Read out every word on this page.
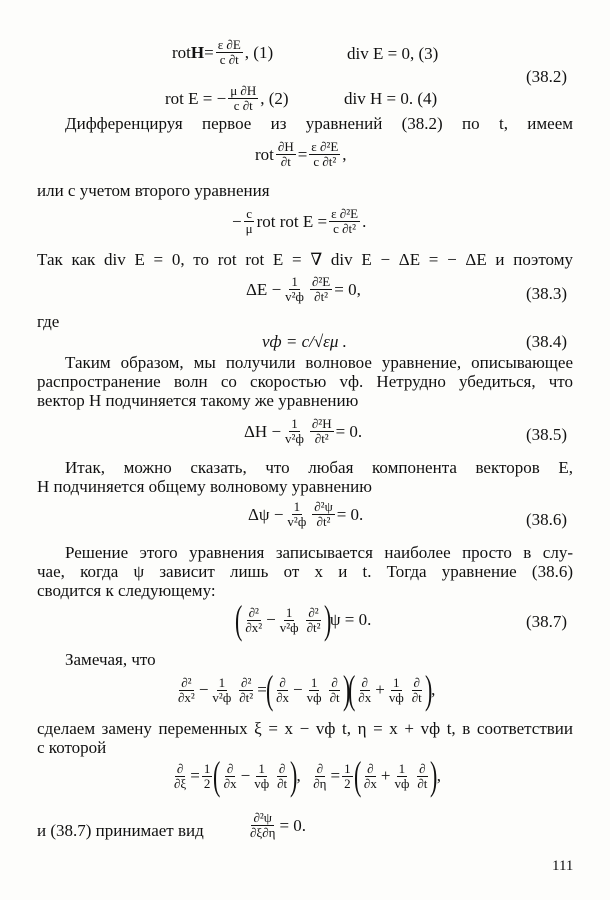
rot $H = \frac{\varepsilon \partial E}{c \partial t}$ , (1)	div E = 0, (3)
rot E = − $\frac{\mu \partial H}{c \partial t}$ , (2)	div H = 0. (4)
(38.2)
Дифференцируя первое из уравнений (38.2) по t, имеем
rot $\frac{\partial H}{\partial t} = \frac{\text{ε ∂²E}}{\text{c ∂t²}}$ ,
или с учетом второго уравнения
− $\frac{c}{\mu}$ rot rot $E = \frac{\text{ε ∂²E}}{\text{c ∂t²}}$ .
Так как div E = 0, то rot rot E = ∇ div E − ΔE = − ΔE и поэтому
$\Delta E - \frac{1}{\text{v²ф}} \frac{\text{∂²E}}{\text{∂t²}} = 0$,	(38.3)
где
vф = c/√εμ .	(38.4)
Таким образом, мы получили волновое уравнение, описывающее
распространение волн со скоростью vф. Нетрудно убедиться, что
вектор H подчиняется такому же уравнению
$\Delta H - \frac{1}{\text{v²ф}} \frac{\text{∂²H}}{\text{∂t²}} = 0$.	(38.5)
Итак, можно сказать, что любая компонента векторов E,
H подчиняется общему волновому уравнению
$\Delta\psi - \frac{1}{\text{v²ф}} \frac{\text{∂²ψ}}{\text{∂t²}} = 0$.	(38.6)
Решение этого уравнения записывается наиболее просто в слу-
чае, когда ψ зависит лишь от x и t. Тогда уравнение (38.6)
сводится к следующему:
( $\frac{\text{∂²}}{\text{∂x²}} - \frac{1}{\text{v²ф}} \frac{\text{∂²}}{\text{∂t²}}$ )
ψ = 0.	(38.7)
Замечая, что
$\frac{\text{∂²}}{\text{∂x²}} - \frac{1}{\text{v²ф}} \frac{\text{∂²}}{\text{∂t²}}$ =
( $\frac{\partial}{\partial x} - \frac{1}{vф} \frac{\partial}{\partial t}$ )
( $\frac{\partial}{\partial x} + \frac{1}{vф} \frac{\partial}{\partial t}$ )
,
сделаем замену переменных ξ = x − vф t, η = x + vф t, в соответствии
с которой
$\frac{\partial}{\partial\xi} = \frac{1}{2}$ ( $\frac{\partial}{\partial x} - \frac{1}{vф} \frac{\partial}{\partial t}$ )
, $\frac{\partial}{\partial\eta} = \frac{1}{2}$ ( $\frac{\partial}{\partial x} + \frac{1}{vф} \frac{\partial}{\partial t}$ )
,
и (38.7) принимает вид	$\frac{\text{∂²ψ}}{\partial\xi\partial\eta} = 0$.
111
